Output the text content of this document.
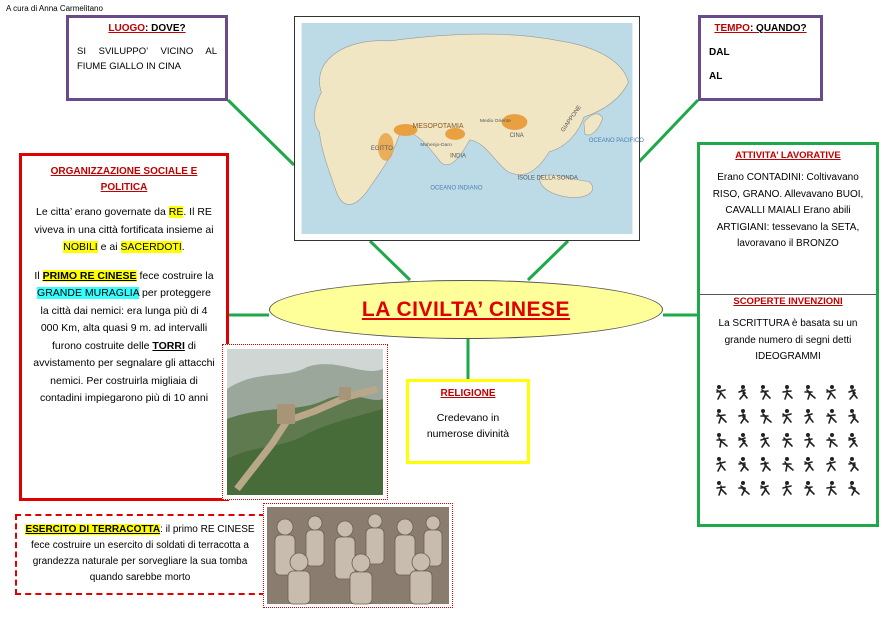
A cura di Anna Carmelitano
LUOGO: DOVE?
SI SVILUPPO’ VICINO AL FIUME GIALLO IN CINA
TEMPO: QUANDO?
DAL
AL
MESOPOTAMIA
EGITTO
INDIA
CINA
GIAPPONE
OCEANO PACIFICO
OCEANO INDIANO
ISOLE DELLA SONDA
Medio Oriente
Mohenjo-Daro
ORGANIZZAZIONE SOCIALE E POLITICA

Le citta’ erano governate da RE. Il RE viveva in una città fortificata insieme ai NOBILI e ai SACERDOTI.

Il PRIMO RE CINESE fece costruire la GRANDE MURAGLIA per proteggere la città dai nemici: era lunga più di 4 000 Km, alta quasi 9 m. ad intervalli furono costruite delle TORRI di avvistamento per segnalare gli attacchi nemici. Per costruirla migliaia di contadini impiegarono più di 10 anni

LA CIVILTA’ CINESE
RELIGIONE
Credevano in numerose divinità
ATTIVITA’ LAVORATIVE
Erano CONTADINI: Coltivavano RISO, GRANO. Allevavano BUOI, CAVALLI MAIALI Erano abili ARTIGIANI: tessevano la SETA, lavoravano il BRONZO
SCOPERTE INVENZIONI
La SCRITTURA è basata su un grande numero di segni detti IDEOGRAMMI
ESERCITO DI TERRACOTTA: il primo RE CINESE fece costruire un esercito di soldati di terracotta a grandezza naturale per sorvegliare la sua tomba quando sarebbe morto
